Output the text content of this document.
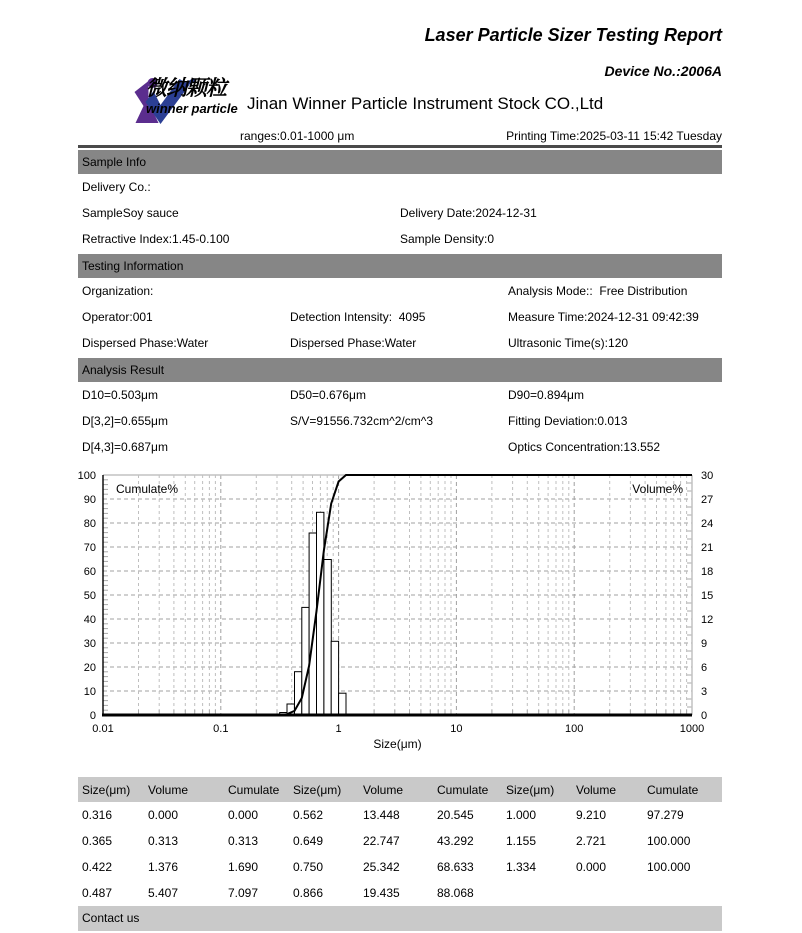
Laser Particle Sizer Testing Report
Device No.:2006A
微纳颗粒
winner particle Jinan Winner Particle Instrument Stock CO.,Ltd
ranges:0.01-1000 μm	Printing Time:2025-03-11 15:42 Tuesday
Sample Info
Delivery Co.:
SampleSoy sauce	Delivery Date:2024-12-31
Retractive Index:1.45-0.100	Sample Density:0
Testing Information
Organization:	Analysis Mode::  Free Distribution
Operator:001	Detection Intensity:  4095	Measure Time:2024-12-31 09:42:39
Dispersed Phase:Water	Dispersed Phase:Water	Ultrasonic Time(s):120
Analysis Result
D10=0.503μm	D50=0.676μm	D90=0.894μm
D[3,2]=0.655μm	S/V=91556.732cm^2/cm^3	Fitting Deviation:0.013
D[4,3]=0.687μm	Optics Concentration:13.552
0
10
20
30
40
50
60
70
80
90
100
0
3
6
9
12
15
18
21
24
27
30
0.01	0.1	1	10	100	1000
Cumulate%	Volume%
Size(μm)
Size(μm)	Volume	Cumulate	Size(μm)	Volume	Cumulate	Size(μm)	Volume	Cumulate
0.316	0.000	0.000	0.562	13.448	20.545	1.000	9.210	97.279
0.365	0.313	0.313	0.649	22.747	43.292	1.155	2.721	100.000
0.422	1.376	1.690	0.750	25.342	68.633	1.334	0.000	100.000
0.487	5.407	7.097	0.866	19.435	88.068			
Contact us
